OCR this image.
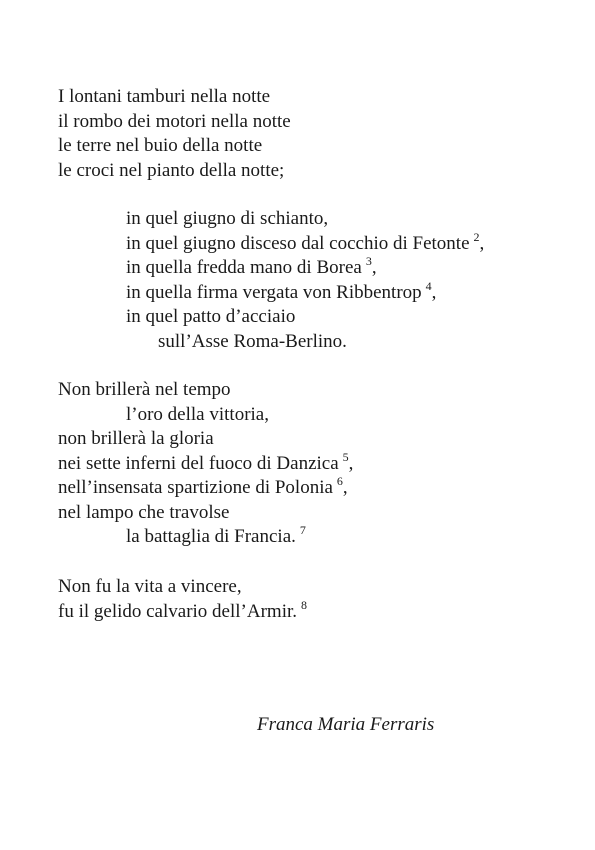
I lontani tamburi nella notte
il rombo dei motori nella notte
le terre nel buio della notte
le croci nel pianto della notte;
in quel giugno di schianto,
in quel giugno disceso dal cocchio di Fetonte $^2$,
in quella fredda mano di Borea $^3$,
in quella firma vergata von Ribbentrop $^4$,
in quel patto d’acciaio
sull’Asse Roma-Berlino.
Non brillerà nel tempo
l’oro della vittoria,
non brillerà la gloria
nei sette inferni del fuoco di Danzica $^5$,
nell’insensata spartizione di Polonia $^6$,
nel lampo che travolse
la battaglia di Francia. $^7$
Non fu la vita a vincere,
fu il gelido calvario dell’Armir. $^8$
Franca Maria Ferraris
